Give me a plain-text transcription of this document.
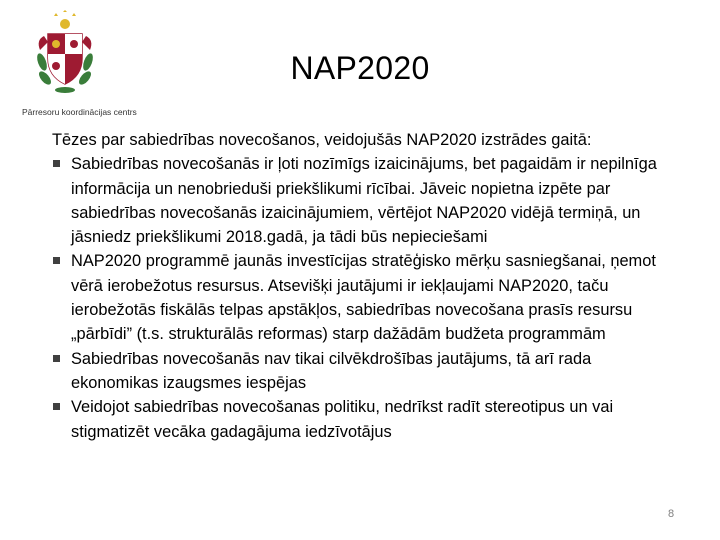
Pārresoru koordinācijas centrs
NAP2020

Tēzes par sabiedrības novecošanos, veidojušās NAP2020 izstrādes gaitā:

Sabiedrības novecošanās ir ļoti nozīmīgs izaicinājums, bet pagaidām ir nepilnīga informācija un nenobrieduši priekšlikumi rīcībai. Jāveic nopietna izpēte par sabiedrības novecošanās izaicinājumiem, vērtējot NAP2020 vidējā termiņā, un jāsniedz priekšlikumi 2018.gadā, ja tādi būs nepieciešami
NAP2020 programmē jaunās investīcijas stratēģisko mērķu sasniegšanai, ņemot vērā ierobežotus resursus. Atsevišķi jautājumi ir iekļaujami NAP2020, taču ierobežotās fiskālās telpas apstākļos, sabiedrības novecošana prasīs resursu „pārbīdi” (t.s. strukturālās reformas) starp dažādām budžeta programmām
Sabiedrības novecošanās nav tikai cilvēkdrošības jautājums, tā arī rada ekonomikas izaugsmes iespējas
Veidojot sabiedrības novecošanas politiku, nedrīkst radīt stereotipus un vai stigmatizēt vecāka gadagājuma iedzīvotājus
8
